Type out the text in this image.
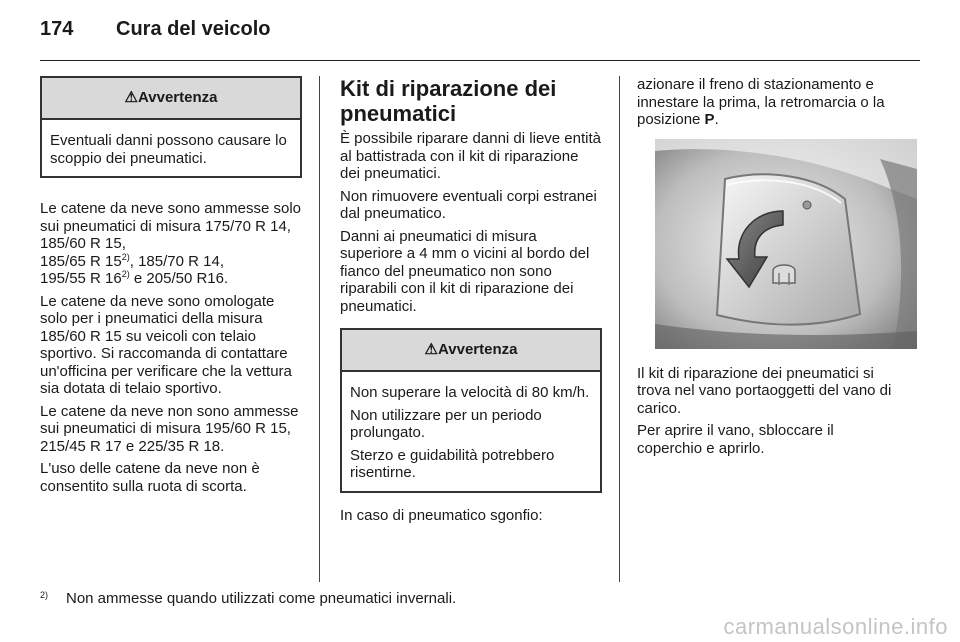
174 Cura del veicolo
⚠ Avvertenza

Eventuali danni possono causare lo scoppio dei pneumatici.

Le catene da neve sono ammesse solo sui pneumatici di misura 175/70 R 14, 185/60 R 15,
185/65 R 15$^{2)}$, 185/70 R 14,
195/55 R 16$^{2)}$ e 205/50 R16.

Le catene da neve sono omologate solo per i pneumatici della misura 185/60 R 15 su veicoli con telaio sportivo. Si raccomanda di contattare un'officina per verificare che la vettura sia dotata di telaio sportivo.

Le catene da neve non sono ammesse sui pneumatici di misura 195/60 R 15, 215/45 R 17 e 225/35 R 18.

L'uso delle catene da neve non è consentito sulla ruota di scorta.

Kit di riparazione dei pneumatici

È possibile riparare danni di lieve entità al battistrada con il kit di riparazione dei pneumatici.

Non rimuovere eventuali corpi estranei dal pneumatico.

Danni ai pneumatici di misura superiore a 4 mm o vicini al bordo del fianco del pneumatico non sono riparabili con il kit di riparazione dei pneumatici.

⚠ Avvertenza

Non superare la velocità di 80 km/h.

Non utilizzare per un periodo prolungato.

Sterzo e guidabilità potrebbero risentirne.

In caso di pneumatico sgonfio:

azionare il freno di stazionamento e innestare la prima, la retromarcia o la posizione P.

Il kit di riparazione dei pneumatici si trova nel vano portaoggetti del vano di carico.

Per aprire il vano, sbloccare il coperchio e aprirlo.

2) Non ammesse quando utilizzati come pneumatici invernali.
carmanualsonline.info
